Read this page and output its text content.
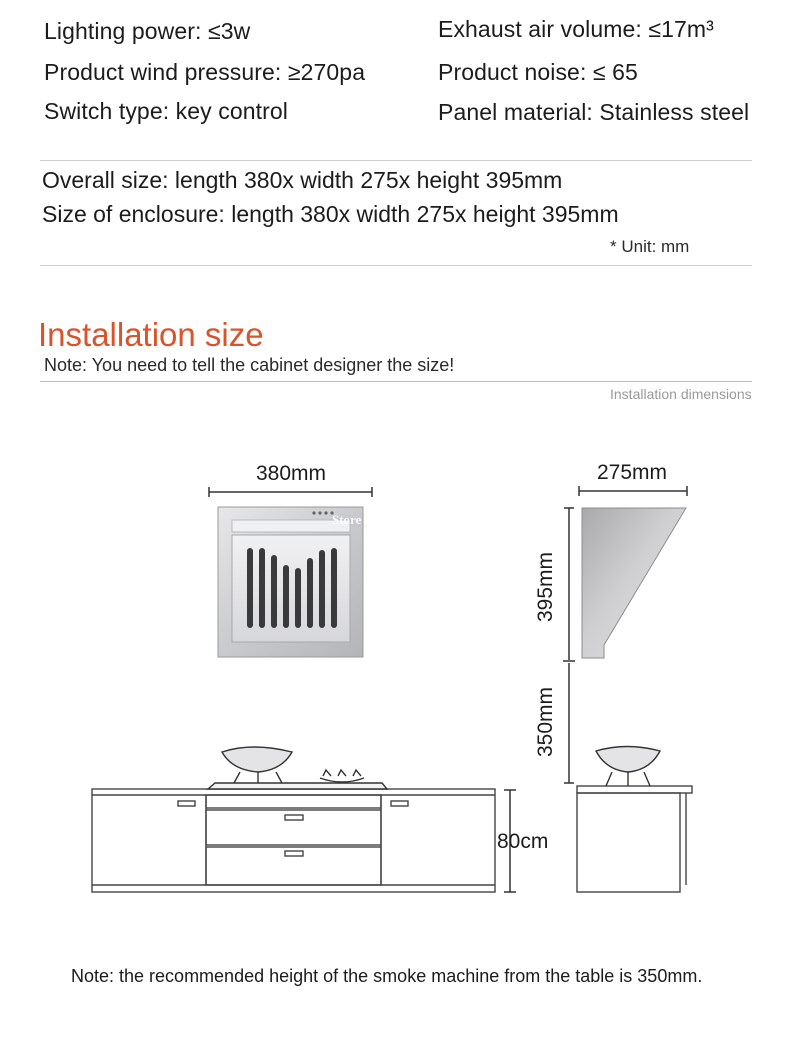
Lighting power: ≤3w	Exhaust air volume: ≤17m³
Product wind pressure: ≥270pa	Product noise: ≤ 65
Switch type: key control	Panel material: Stainless steel
Overall size: length 380x width 275x height 395mm
Size of enclosure: length 380x width 275x height 395mm
* Unit: mm
Installation size
Note: You need to tell the cabinet designer the size!
Installation dimensions
Store No.1102126268
380mm	275mm
395mm
350mm
80cm
Note: the recommended height of the smoke machine from the table is 350mm.
